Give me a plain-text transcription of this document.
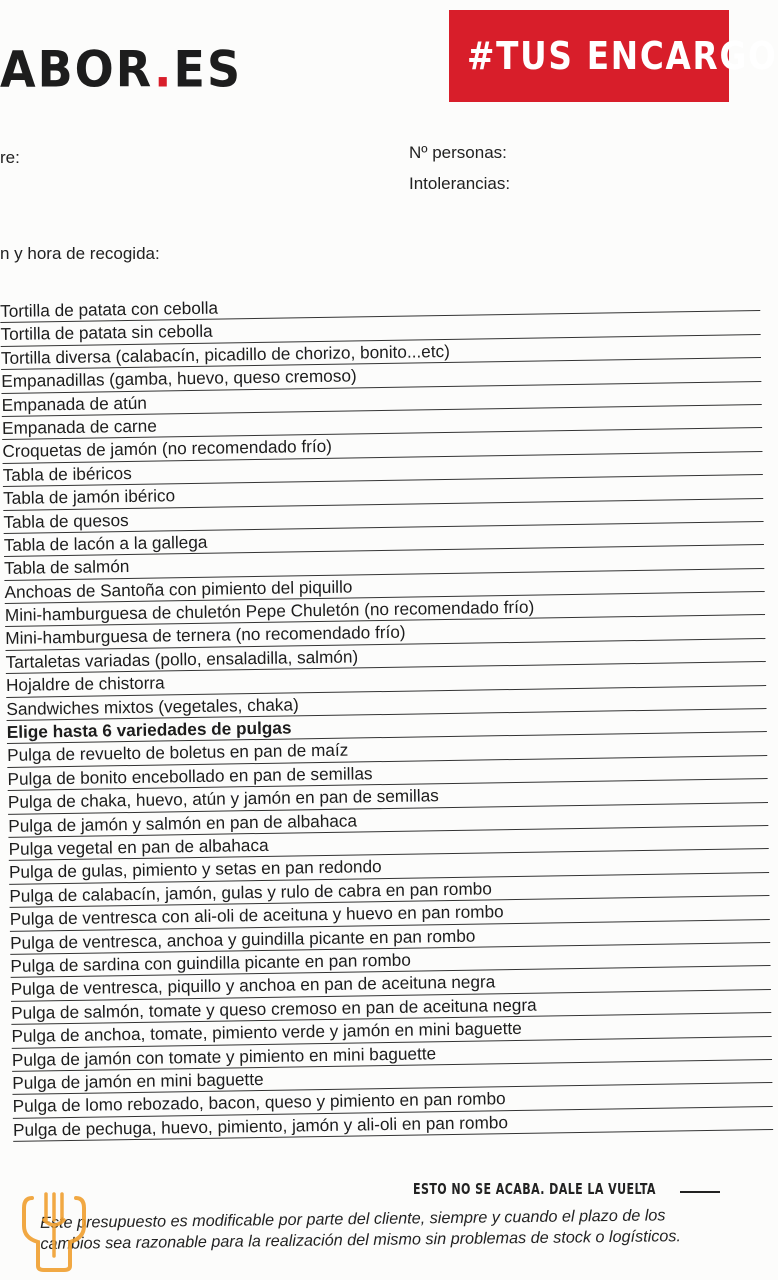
ABOR.ES	#TUS ENCARGO
re:	Nº personas:
Intolerancias:
n y hora de recogida:
Tortilla de patata con cebolla
Tortilla de patata sin cebolla
Tortilla diversa (calabacín, picadillo de chorizo, bonito...etc)
Empanadillas (gamba, huevo, queso cremoso)
Empanada de atún
Empanada de carne
Croquetas de jamón (no recomendado frío)
Tabla de ibéricos
Tabla de jamón ibérico
Tabla de quesos
Tabla de lacón a la gallega
Tabla de salmón
Anchoas de Santoña con pimiento del piquillo
Mini-hamburguesa de chuletón Pepe Chuletón (no recomendado frío)
Mini-hamburguesa de ternera (no recomendado frío)
Tartaletas variadas (pollo, ensaladilla, salmón)
Hojaldre de chistorra
Sandwiches mixtos (vegetales, chaka)
Elige hasta 6 variedades de pulgas
Pulga de revuelto de boletus en pan de maíz
Pulga de bonito encebollado en pan de semillas
Pulga de chaka, huevo, atún y jamón en pan de semillas
Pulga de jamón y salmón en pan de albahaca
Pulga vegetal en pan de albahaca
Pulga de gulas, pimiento y setas en pan redondo
Pulga de calabacín, jamón, gulas y rulo de cabra en pan rombo
Pulga de ventresca con ali-oli de aceituna y huevo en pan rombo
Pulga de ventresca, anchoa y guindilla picante en pan rombo
Pulga de sardina con guindilla picante en pan rombo
Pulga de ventresca, piquillo y anchoa en pan de aceituna negra
Pulga de salmón, tomate y queso cremoso en pan de aceituna negra
Pulga de anchoa, tomate, pimiento verde y jamón en mini baguette
Pulga de jamón con tomate y pimiento en mini baguette
Pulga de jamón en mini baguette
Pulga de lomo rebozado, bacon, queso y pimiento en pan rombo
Pulga de pechuga, huevo, pimiento, jamón y ali-oli en pan rombo
ESTO NO SE ACABA. DALE LA VUELTA
Este presupuesto es modificable por parte del cliente, siempre y cuando el plazo de los
cambios sea razonable para la realización del mismo sin problemas de stock o logísticos.
